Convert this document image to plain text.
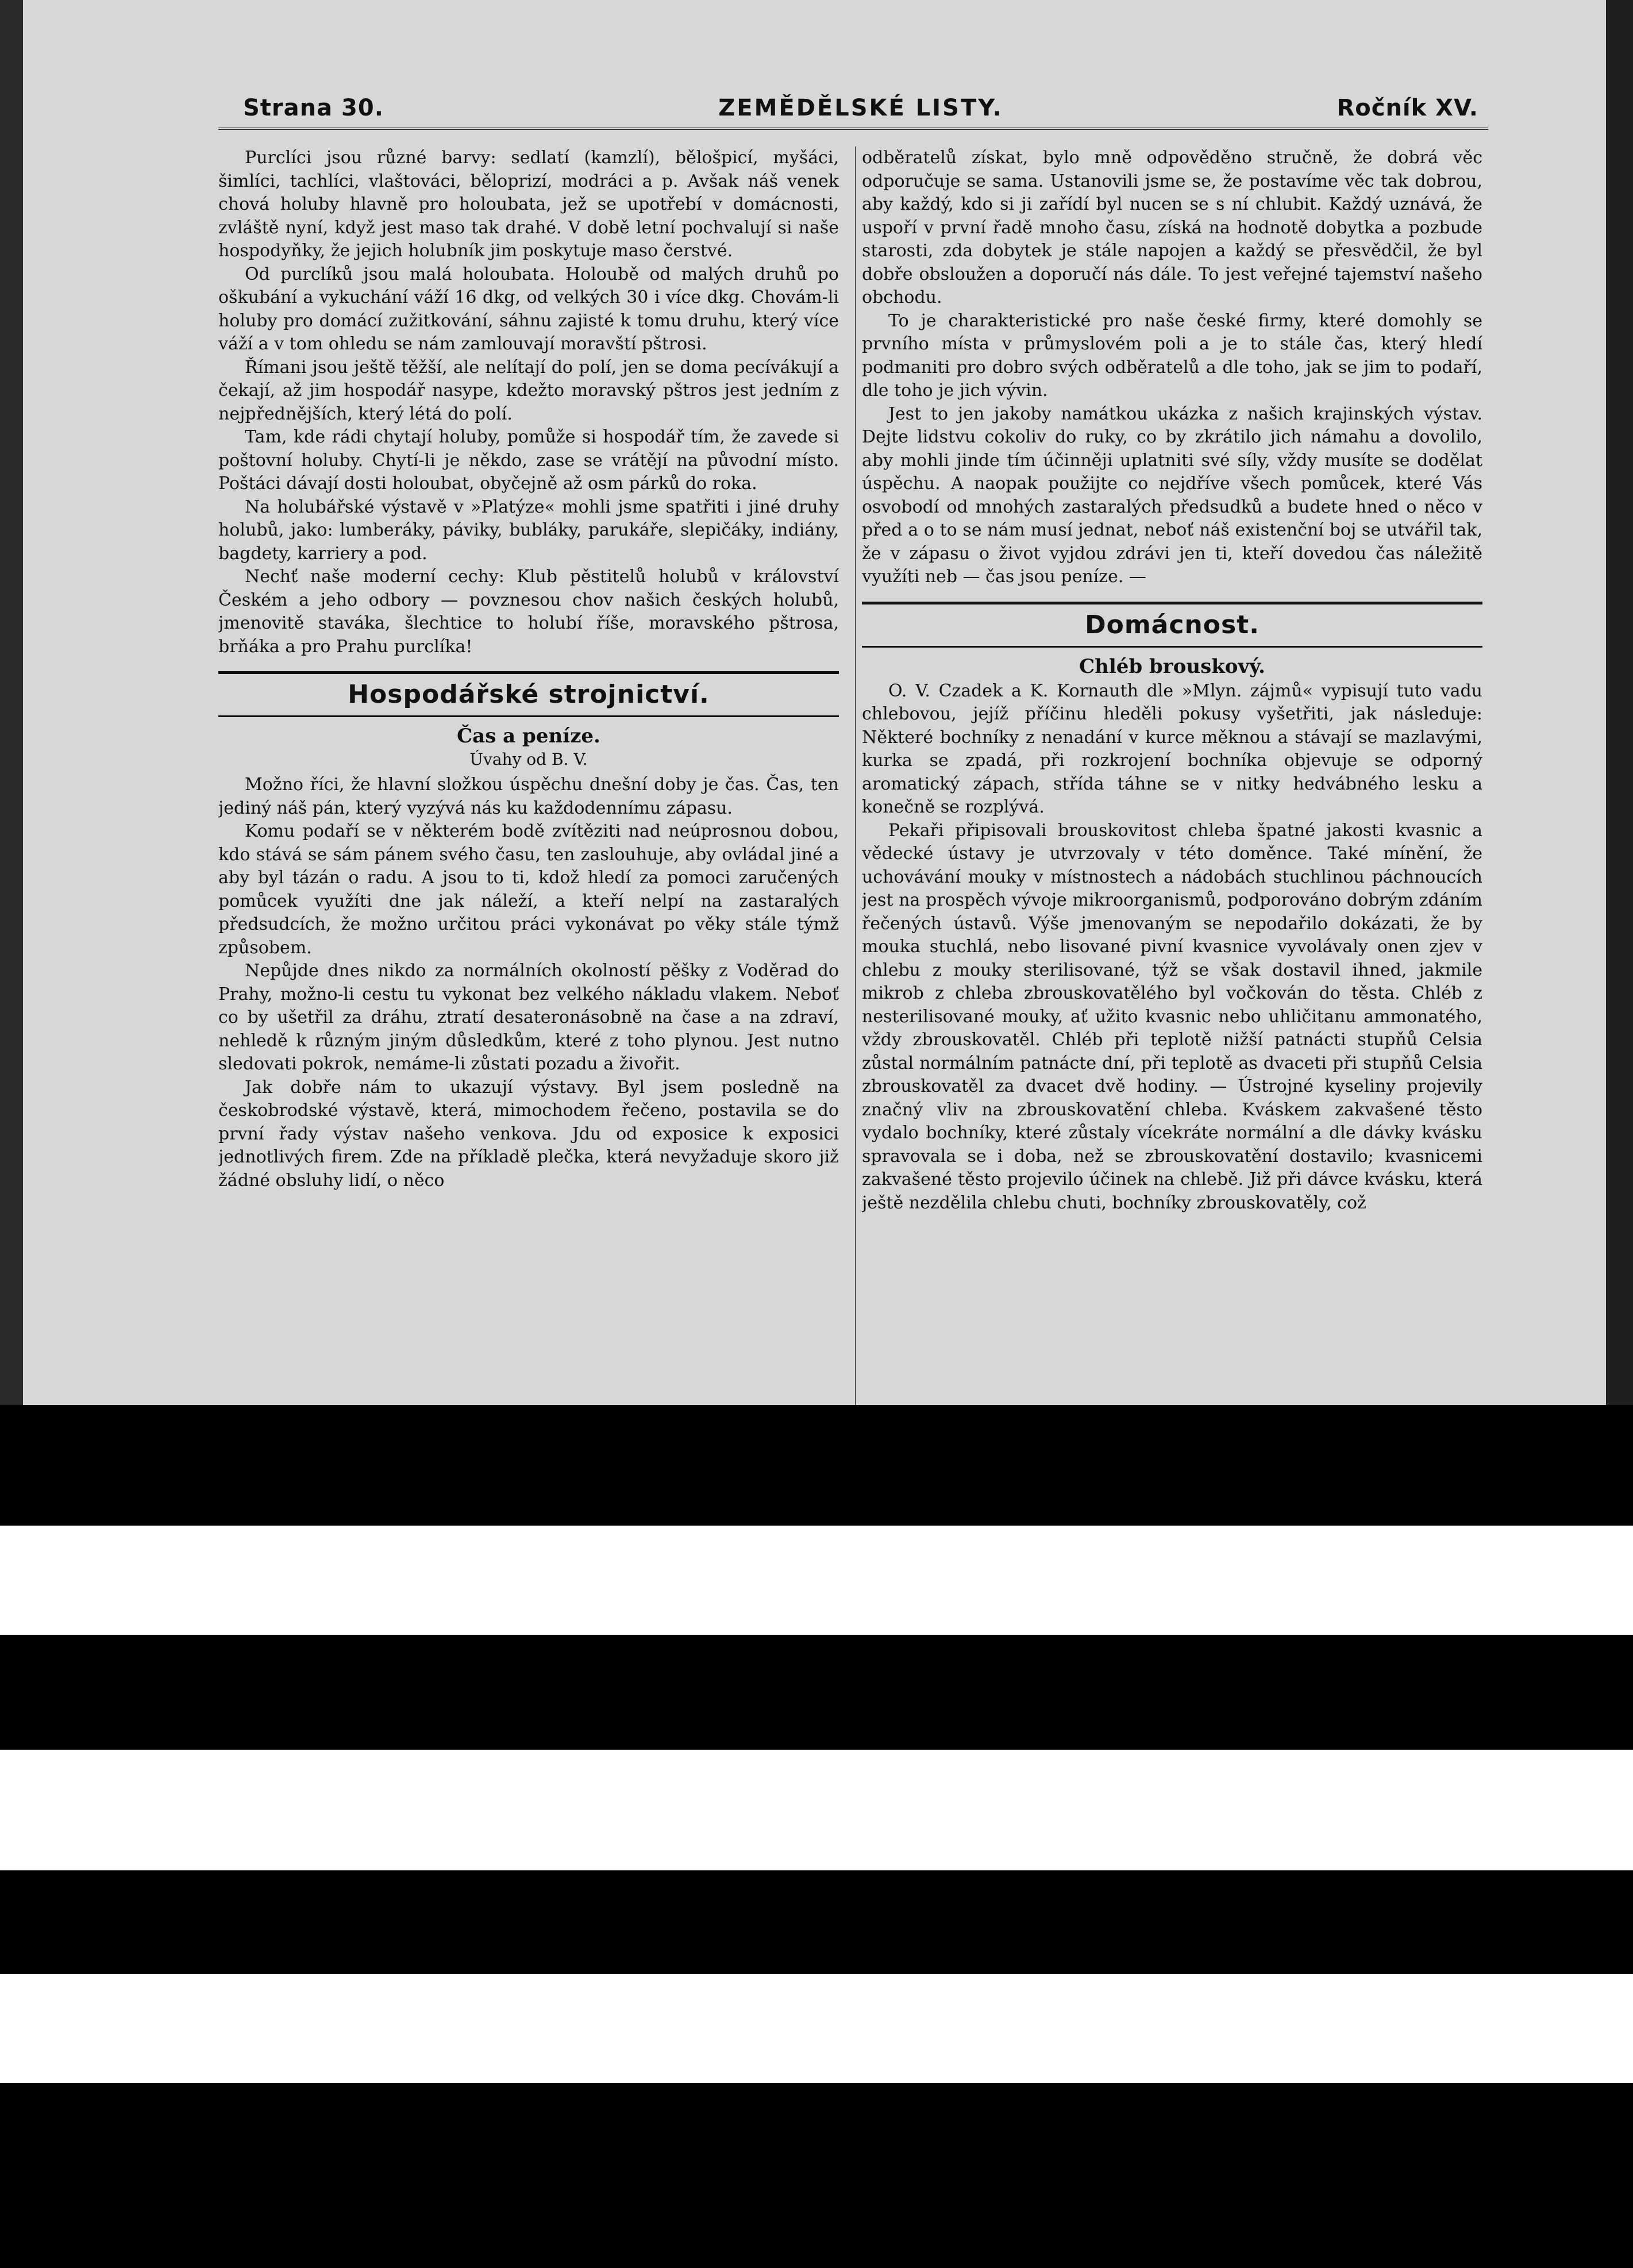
Strana 30.	ZEMĚDĚLSKÉ LISTY.	Ročník XV.

Purclíci jsou různé barvy: sedlatí (kamzlí), bělošpicí, myšáci, šimlíci, tachlíci, vlaštováci, běloprizí, modráci a p. Avšak náš venek chová holuby hlavně pro holoubata, jež se upotřebí v domácnosti, zvláště nyní, když jest maso tak drahé. V době letní pochvalují si naše hospodyňky, že jejich holubník jim poskytuje maso čerstvé.

Od purclíků jsou malá holoubata. Holoubě od malých druhů po oškubání a vykuchání váží 16 dkg, od velkých 30 i více dkg. Chovám-li holuby pro domácí zužitkování, sáhnu zajisté k tomu druhu, který více váží a v tom ohledu se nám zamlouvají moravští pštrosi.

Římani jsou ještě těžší, ale nelítají do polí, jen se doma pecívákují a čekají, až jim hospodář nasype, kdežto moravský pštros jest jedním z nejpřednějších, který létá do polí.

Tam, kde rádi chytají holuby, pomůže si hospodář tím, že zavede si poštovní holuby. Chytí-li je někdo, zase se vrátějí na původní místo. Poštáci dávají dosti holoubat, obyčejně až osm párků do roka.

Na holubářské výstavě v »Platýze« mohli jsme spatřiti i jiné druhy holubů, jako: lumberáky, páviky, bubláky, parukáře, slepičáky, indiány, bagdety, karriery a pod.

Nechť naše moderní cechy: Klub pěstitelů holubů v království Českém a jeho odbory — povznesou chov našich českých holubů, jmenovitě staváka, šlechtice to holubí říše, moravského pštrosa, brňáka a pro Prahu purclíka!

Hospodářské strojnictví.
Čas a peníze.
Úvahy od B. V.

Možno říci, že hlavní složkou úspěchu dnešní doby je čas. Čas, ten jediný náš pán, který vyzývá nás ku každodennímu zápasu.

Komu podaří se v některém bodě zvítěziti nad neúprosnou dobou, kdo stává se sám pánem svého času, ten zaslouhuje, aby ovládal jiné a aby byl tázán o radu. A jsou to ti, kdož hledí za pomoci zaručených pomůcek využíti dne jak náleží, a kteří nelpí na zastaralých předsudcích, že možno určitou práci vykonávat po věky stále týmž způsobem.

Nepůjde dnes nikdo za normálních okolností pěšky z Voděrad do Prahy, možno-li cestu tu vykonat bez velkého nákladu vlakem. Neboť co by ušetřil za dráhu, ztratí desateronásobně na čase a na zdraví, nehledě k různým jiným důsledkům, které z toho plynou. Jest nutno sledovati pokrok, nemáme-li zůstati pozadu a živořit.

Jak dobře nám to ukazují výstavy. Byl jsem posledně na českobrodské výstavě, která, mimochodem řečeno, postavila se do první řady výstav našeho venkova. Jdu od exposice k exposici jednotlivých firem. Zde na příkladě plečka, která nevyžaduje skoro již žádné obsluhy lidí, o něco

odběratelů získat, bylo mně odpověděno stručně, že dobrá věc odporučuje se sama. Ustanovili jsme se, že postavíme věc tak dobrou, aby každý, kdo si ji zařídí byl nucen se s ní chlubit. Každý uznává, že uspoří v první řadě mnoho času, získá na hodnotě dobytka a pozbude starosti, zda dobytek je stále napojen a každý se přesvědčil, že byl dobře obsloužen a doporučí nás dále. To jest veřejné tajemství našeho obchodu.

To je charakteristické pro naše české firmy, které domohly se prvního místa v průmyslovém poli a je to stále čas, který hledí podmaniti pro dobro svých odběratelů a dle toho, jak se jim to podaří, dle toho je jich vývin.

Jest to jen jakoby namátkou ukázka z našich krajinských výstav. Dejte lidstvu cokoliv do ruky, co by zkrátilo jich námahu a dovolilo, aby mohli jinde tím účinněji uplatniti své síly, vždy musíte se dodělat úspěchu. A naopak použijte co nejdříve všech pomůcek, které Vás osvobodí od mnohých zastaralých předsudků a budete hned o něco v před a o to se nám musí jednat, neboť náš existenční boj se utvářil tak, že v zápasu o život vyjdou zdrávi jen ti, kteří dovedou čas náležitě využíti neb — čas jsou peníze. —

Domácnost.
Chléb brouskový.

O. V. Czadek a K. Kornauth dle »Mlyn. zájmů« vypisují tuto vadu chlebovou, jejíž příčinu hleděli pokusy vyšetřiti, jak následuje: Některé bochníky z nenadání v kurce měknou a stávají se mazlavými, kurka se zpadá, při rozkrojení bochníka objevuje se odporný aromatický zápach, střída táhne se v nitky hedvábného lesku a konečně se rozplývá.

Pekaři připisovali brouskovitost chleba špatné jakosti kvasnic a vědecké ústavy je utvrzovaly v této doměnce. Také mínění, že uchovávání mouky v místnostech a nádobách stuchlinou páchnoucích jest na prospěch vývoje mikroorganismů, podporováno dobrým zdáním řečených ústavů. Výše jmenovaným se nepodařilo dokázati, že by mouka stuchlá, nebo lisované pivní kvasnice vyvolávaly onen zjev v chlebu z mouky sterilisované, týž se však dostavil ihned, jakmile mikrob z chleba zbrouskovatělého byl vočkován do těsta. Chléb z nesterilisované mouky, ať užito kvasnic nebo uhličitanu ammonatého, vždy zbrouskovatěl. Chléb při teplotě nižší patnácti stupňů Celsia zůstal normálním patnácte dní, při teplotě as dvaceti při stupňů Celsia zbrouskovatěl za dvacet dvě hodiny. — Ústrojné kyseliny projevily značný vliv na zbrouskovatění chleba. Kváskem zakvašené těsto vydalo bochníky, které zůstaly vícekráte normální a dle dávky kvásku spravovala se i doba, než se zbrouskovatění dostavilo; kvasnicemi zakvašené těsto projevilo účinek na chlebě. Již při dávce kvásku, která ještě nezdělila chlebu chuti, bochníky zbrouskovatěly, což
